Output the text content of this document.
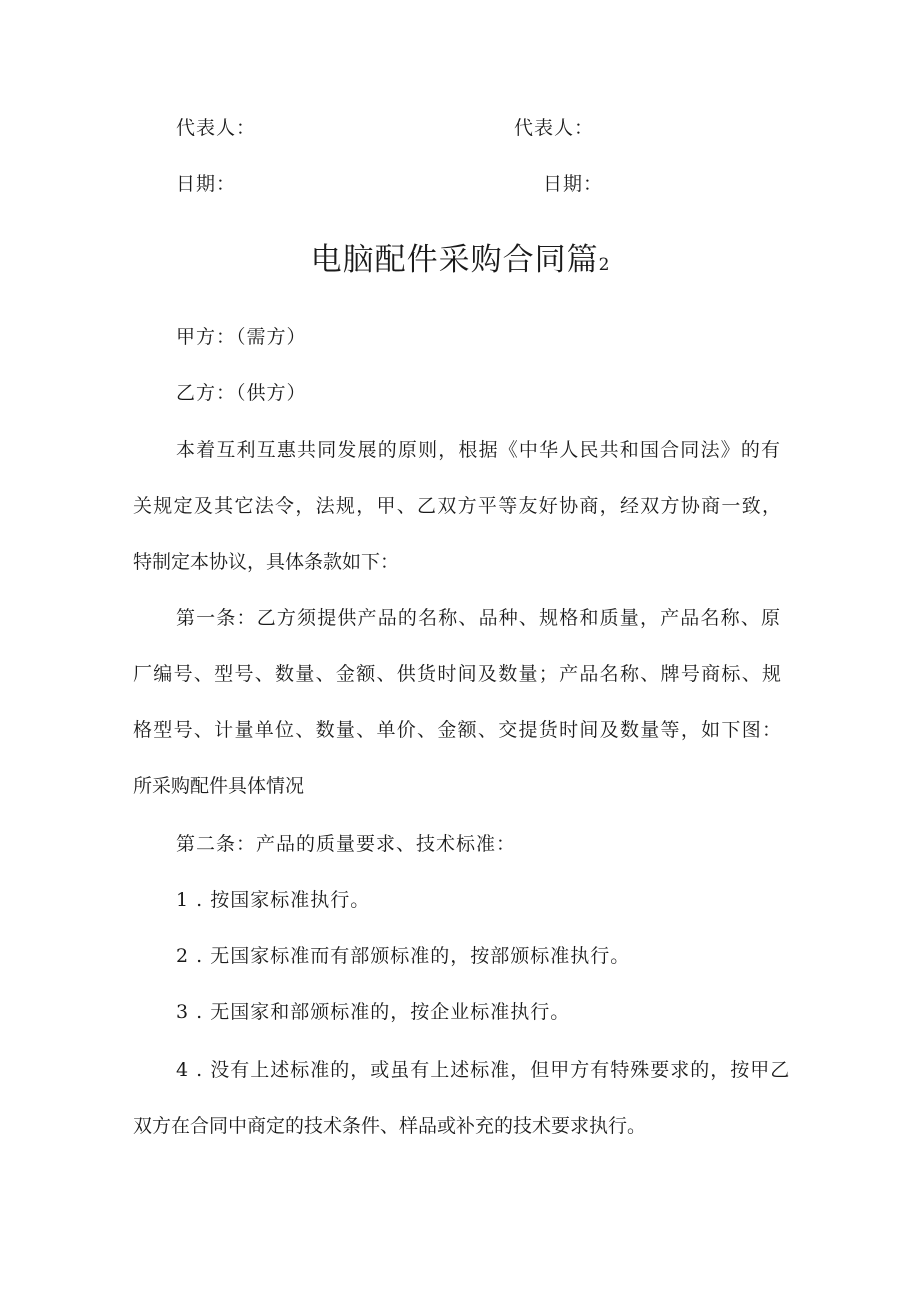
代表人：	代表人：
日期：	日期：
电脑配件采购合同篇2
甲方：（需方）
乙方：（供方）
本着互利互惠共同发展的原则，根据《中华人民共和国合同法》的有
关规定及其它法令，法规，甲、乙双方平等友好协商，经双方协商一致，
特制定本协议，具体条款如下：
第一条：乙方须提供产品的名称、品种、规格和质量，产品名称、原
厂编号、型号、数量、金额、供货时间及数量；产品名称、牌号商标、规
格型号、计量单位、数量、单价、金额、交提货时间及数量等，如下图：
所采购配件具体情况
第二条：产品的质量要求、技术标准：
1 . 按国家标准执行。
2 . 无国家标准而有部颁标准的，按部颁标准执行。
3 . 无国家和部颁标准的，按企业标准执行。
4 . 没有上述标准的，或虽有上述标准，但甲方有特殊要求的，按甲乙
双方在合同中商定的技术条件、样品或补充的技术要求执行。
